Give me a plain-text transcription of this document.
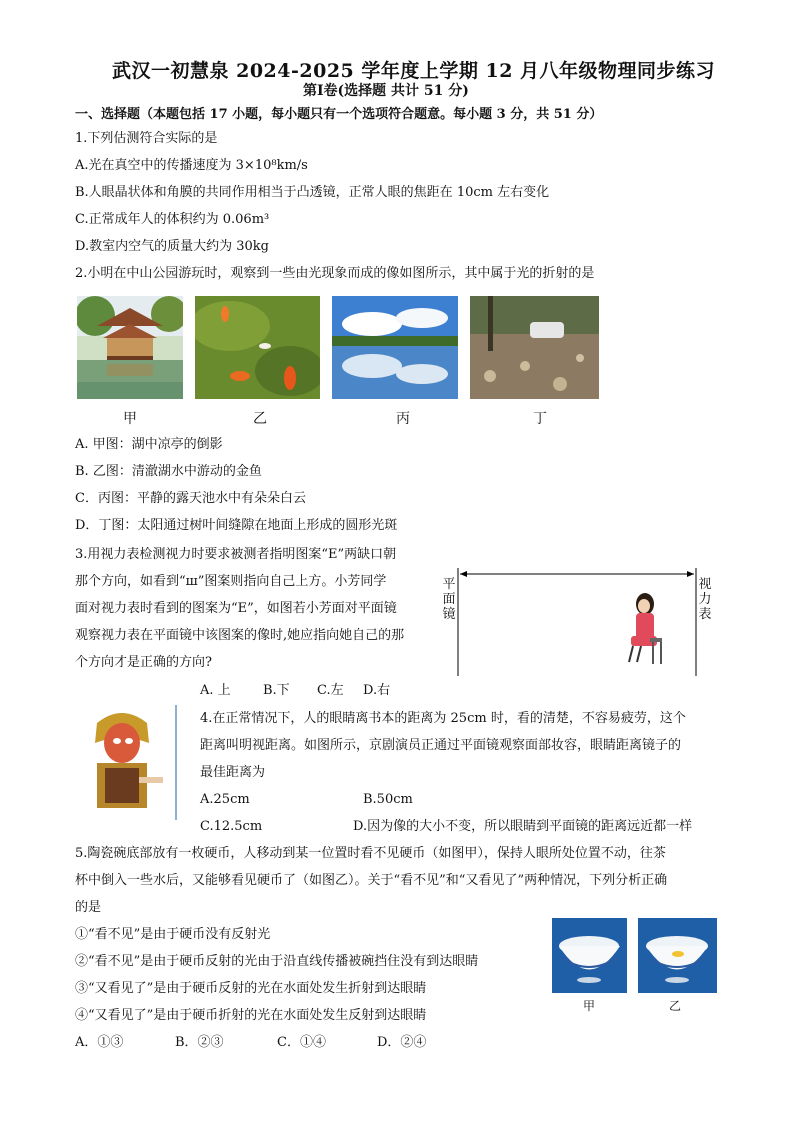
武汉一初慧泉 2024-2025 学年度上学期 12 月八年级物理同步练习
第Ⅰ卷(选择题 共计 51 分)
一、选择题（本题包括 17 小题，每小题只有一个选项符合题意。每小题 3 分，共 51 分）
1.下列估测符合实际的是
A.光在真空中的传播速度为 3×10⁸km/s
B.人眼晶状体和角膜的共同作用相当于凸透镜，正常人眼的焦距在 10cm 左右变化
C.正常成年人的体积约为 0.06m³
D.教室内空气的质量大约为 30kg
2.小明在中山公园游玩时，观察到一些由光现象而成的像如图所示，其中属于光的折射的是
甲	乙	丙	丁
A. 甲图：湖中凉亭的倒影
B. 乙图：清澈湖水中游动的金鱼
C．丙图：平静的露天池水中有朵朵白云
D．丁图：太阳通过树叶间缝隙在地面上形成的圆形光斑
3.用视力表检测视力时要求被测者指明图案“E”两缺口朝
那个方向，如看到“ш”图案则指向自己上方。小芳同学
面对视力表时看到的图案为“E”，如图若小芳面对平面镜
观察视力表在平面镜中该图案的像时,她应指向她自己的那
个方向才是正确的方向?
平
面
镜
视
力
表
A. 上 B.下 C.左 D.右
4.在正常情况下，人的眼睛离书本的距离为 25cm 时，看的清楚，不容易疲劳，这个
距离叫明视距离。如图所示，京剧演员正通过平面镜观察面部妆容，眼睛距离镜子的
最佳距离为
A.25cm	B.50cm
C.12.5cm	D.因为像的大小不变，所以眼睛到平面镜的距离远近都一样
5.陶瓷碗底部放有一枚硬币，人移动到某一位置时看不见硬币（如图甲），保持人眼所处位置不动，往茶
杯中倒入一些水后，又能够看见硬币了（如图乙）。关于“看不见”和“又看见了”两种情况，下列分析正确
的是
①“看不见”是由于硬币没有反射光
②“看不见”是由于硬币反射的光由于沿直线传播被碗挡住没有到达眼睛
③“又看见了”是由于硬币反射的光在水面处发生折射到达眼睛
④“又看见了”是由于硬币折射的光在水面处发生反射到达眼睛
A．①③	B．②③	C．①④	D．②④
甲	乙
